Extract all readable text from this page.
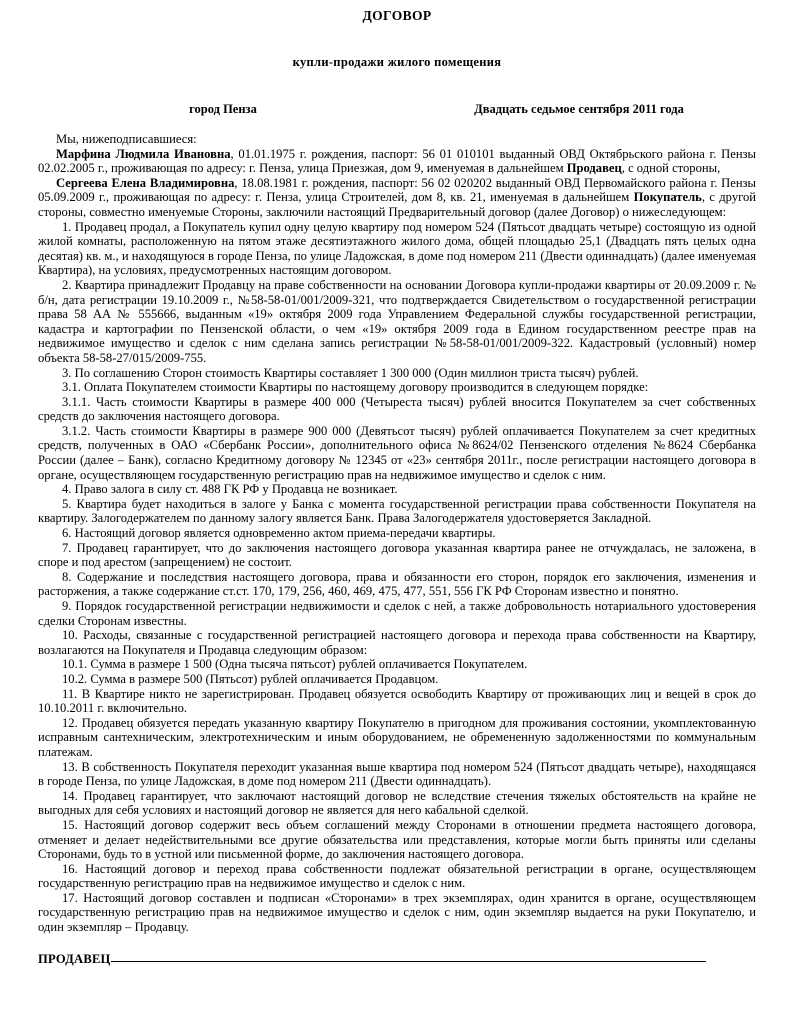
ДОГОВОР
купли-продажи жилого помещения
город Пенза	Двадцать седьмое сентября 2011 года

Мы, нижеподписавшиеся:

Марфина Людмила Ивановна, 01.01.1975 г. рождения, паспорт: 56 01 010101 выданный ОВД Октябрьского района г. Пензы 02.02.2005 г., проживающая по адресу: г. Пенза, улица Приезжая, дом 9, именуемая в дальнейшем Продавец, с одной стороны,

Сергеева Елена Владимировна, 18.08.1981 г. рождения, паспорт: 56 02 020202 выданный ОВД Первомайского района г. Пензы 05.09.2009 г., проживающая по адресу: г. Пенза, улица Строителей, дом 8, кв. 21, именуемая в дальнейшем Покупатель, с другой стороны, совместно именуемые Стороны, заключили настоящий Предварительный договор (далее Договор) о нижеследующем:

1. Продавец продал, а Покупатель купил одну целую квартиру под номером 524 (Пятьсот двадцать четыре) состоящую из одной жилой комнаты, расположенную на пятом этаже десятиэтажного жилого дома, общей площадью 25,1 (Двадцать пять целых одна десятая) кв. м., и находящуюся в городе Пенза, по улице Ладожская, в доме под номером 211 (Двести одиннадцать) (далее именуемая Квартира), на условиях, предусмотренных настоящим договором.

2. Квартира принадлежит Продавцу на праве собственности на основании Договора купли-продажи квартиры от 20.09.2009 г. № б/н, дата регистрации 19.10.2009 г., №58-58-01/001/2009-321, что подтверждается Свидетельством о государственной регистрации права 58 АА № 555666, выданным «19» октября 2009 года Управлением Федеральной службы государственной регистрации, кадастра и картографии по Пензенской области, о чем «19» октября 2009 года в Едином государственном реестре прав на недвижимое имущество и сделок с ним сделана запись регистрации №58-58-01/001/2009-322. Кадастровый (условный) номер объекта 58-58-27/015/2009-755.

3. По соглашению Сторон стоимость Квартиры составляет 1 300 000 (Один миллион триста тысяч) рублей.

3.1. Оплата Покупателем стоимости Квартиры по настоящему договору производится в следующем порядке:

3.1.1. Часть стоимости Квартиры в размере 400 000 (Четыреста тысяч) рублей вносится Покупателем за счет собственных средств до заключения настоящего договора.

3.1.2. Часть стоимости Квартиры в размере 900 000 (Девятьсот тысяч) рублей оплачивается Покупателем за счет кредитных средств, полученных в ОАО «Сбербанк России», дополнительного офиса №8624/02 Пензенского отделения №8624 Сбербанка России (далее – Банк), согласно Кредитному договору № 12345 от «23» сентября 2011г., после регистрации настоящего договора в органе, осуществляющем государственную регистрацию прав на недвижимое имущество и сделок с ним.

4. Право залога в силу ст. 488 ГК РФ у Продавца не возникает.

5. Квартира будет находиться в залоге у Банка с момента государственной регистрации права собственности Покупателя на квартиру. Залогодержателем по данному залогу является Банк. Права Залогодержателя удостоверяется Закладной.

6. Настоящий договор является одновременно актом приема-передачи квартиры.

7. Продавец гарантирует, что до заключения настоящего договора указанная квартира ранее не отчуждалась, не заложена, в споре и под арестом (запрещением) не состоит.

8. Содержание и последствия настоящего договора, права и обязанности его сторон, порядок его заключения, изменения и расторжения, а также содержание ст.ст. 170, 179, 256, 460, 469, 475, 477, 551, 556 ГК РФ Сторонам известно и понятно.

9. Порядок государственной регистрации недвижимости и сделок с ней, а также добровольность нотариального удостоверения сделки Сторонам известны.

10. Расходы, связанные с государственной регистрацией настоящего договора и перехода права собственности на Квартиру, возлагаются на Покупателя и Продавца следующим образом:

10.1. Сумма в размере 1 500 (Одна тысяча пятьсот) рублей оплачивается Покупателем.

10.2. Сумма в размере 500 (Пятьсот) рублей оплачивается Продавцом.

11. В Квартире никто не зарегистрирован. Продавец обязуется освободить Квартиру от проживающих лиц и вещей в срок до 10.10.2011 г. включительно.

12. Продавец обязуется передать указанную квартиру Покупателю в пригодном для проживания состоянии, укомплектованную исправным сантехническим, электротехническим и иным оборудованием, не обремененную задолженностями по коммунальным платежам.

13. В собственность Покупателя переходит указанная выше квартира под номером 524 (Пятьсот двадцать четыре), находящаяся в городе Пенза, по улице Ладожская, в доме под номером 211 (Двести одиннадцать).

14. Продавец гарантирует, что заключают настоящий договор не вследствие стечения тяжелых обстоятельств на крайне не выгодных для себя условиях и настоящий договор не является для него кабальной сделкой.

15. Настоящий договор содержит весь объем соглашений между Сторонами в отношении предмета настоящего договора, отменяет и делает недействительными все другие обязательства или представления, которые могли быть приняты или сделаны Сторонами, будь то в устной или письменной форме, до заключения настоящего договора.

16. Настоящий договор и переход права собственности подлежат обязательной регистрации в органе, осуществляющем государственную регистрацию прав на недвижимое имущество и сделок с ним.

17. Настоящий договор составлен и подписан «Сторонами» в трех экземплярах, один хранится в органе, осуществляющем государственную регистрацию прав на недвижимое имущество и сделок с ним, один экземпляр выдается на руки Покупателю, и один экземпляр – Продавцу.

ПРОДАВЕЦ
